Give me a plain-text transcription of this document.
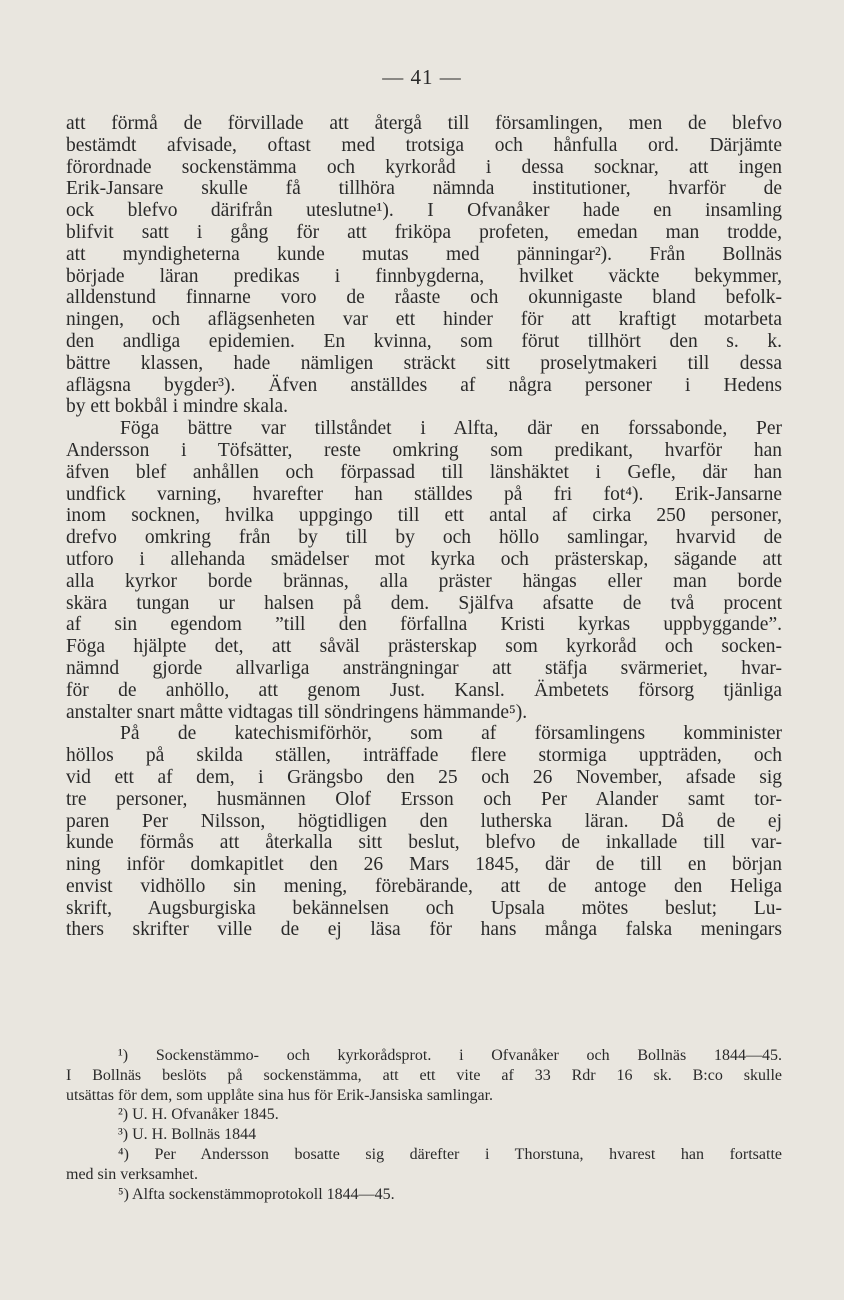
— 41 —
att förmå de förvillade att återgå till församlingen, men de blefvo
bestämdt afvisade, oftast med trotsiga och hånfulla ord. Därjämte
förordnade sockenstämma och kyrkoråd i dessa socknar, att ingen
Erik-Jansare skulle få tillhöra nämnda institutioner, hvarför de
ock blefvo därifrån uteslutne¹). I Ofvanåker hade en insamling
blifvit satt i gång för att friköpa profeten, emedan man trodde,
att myndigheterna kunde mutas med pänningar²). Från Bollnäs
började läran predikas i finnbygderna, hvilket väckte bekymmer,
alldenstund finnarne voro de råaste och okunnigaste bland befolk-
ningen, och aflägsenheten var ett hinder för att kraftigt motarbeta
den andliga epidemien. En kvinna, som förut tillhört den s. k.
bättre klassen, hade nämligen sträckt sitt proselytmakeri till dessa
aflägsna bygder³). Äfven anställdes af några personer i Hedens
by ett bokbål i mindre skala.
Föga bättre var tillståndet i Alfta, där en forssabonde, Per
Andersson i Töfsätter, reste omkring som predikant, hvarför han
äfven blef anhållen och förpassad till länshäktet i Gefle, där han
undfick varning, hvarefter han ställdes på fri fot⁴). Erik-Jansarne
inom socknen, hvilka uppgingo till ett antal af cirka 250 personer,
drefvo omkring från by till by och höllo samlingar, hvarvid de
utforo i allehanda smädelser mot kyrka och prästerskap, sägande att
alla kyrkor borde brännas, alla präster hängas eller man borde
skära tungan ur halsen på dem. Själfva afsatte de två procent
af sin egendom ”till den förfallna Kristi kyrkas uppbyggande”.
Föga hjälpte det, att såväl prästerskap som kyrkoråd och socken-
nämnd gjorde allvarliga ansträngningar att stäfja svärmeriet, hvar-
för de anhöllo, att genom Just. Kansl. Ämbetets försorg tjänliga
anstalter snart måtte vidtagas till söndringens hämmande⁵).
På de katechismiförhör, som af församlingens komminister
höllos på skilda ställen, inträffade flere stormiga uppträden, och
vid ett af dem, i Grängsbo den 25 och 26 November, afsade sig
tre personer, husmännen Olof Ersson och Per Alander samt tor-
paren Per Nilsson, högtidligen den lutherska läran. Då de ej
kunde förmås att återkalla sitt beslut, blefvo de inkallade till var-
ning inför domkapitlet den 26 Mars 1845, där de till en början
envist vidhöllo sin mening, förebärande, att de antoge den Heliga
skrift, Augsburgiska bekännelsen och Upsala mötes beslut; Lu-
thers skrifter ville de ej läsa för hans många falska meningars
¹) Sockenstämmo- och kyrkorådsprot. i Ofvanåker och Bollnäs 1844—45.
I Bollnäs beslöts på sockenstämma, att ett vite af 33 Rdr 16 sk. B:co skulle
utsättas för dem, som upplåte sina hus för Erik-Jansiska samlingar.
²) U. H. Ofvanåker 1845.
³) U. H. Bollnäs 1844
⁴) Per Andersson bosatte sig därefter i Thorstuna, hvarest han fortsatte
med sin verksamhet.
⁵) Alfta sockenstämmoprotokoll 1844—45.
